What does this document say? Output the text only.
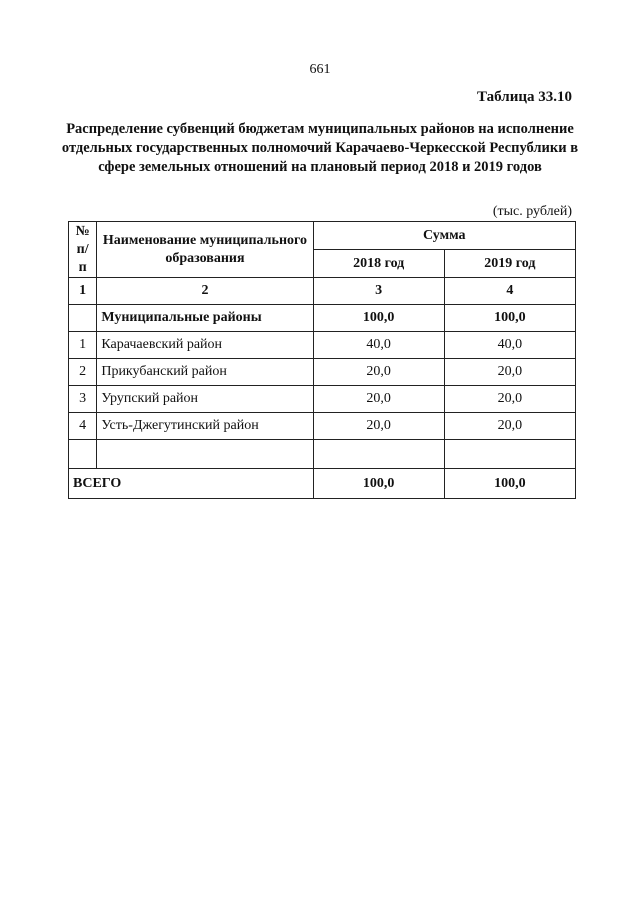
661
Таблица 33.10
Распределение субвенций бюджетам муниципальных районов на исполнение отдельных государственных полномочий Карачаево-Черкесской Республики в сфере земельных отношений на плановый период 2018 и 2019 годов
(тыс. рублей)
№ п/п	Наименование муниципального образования	Сумма	
		2018 год	2019 год
1	2	3	4
	Муниципальные районы	100,0	100,0
1	Карачаевский район	40,0	40,0
2	Прикубанский район	20,0	20,0
3	Урупский район	20,0	20,0
4	Усть-Джегутинский район	20,0	20,0

ВСЕГО		100,0	100,0
